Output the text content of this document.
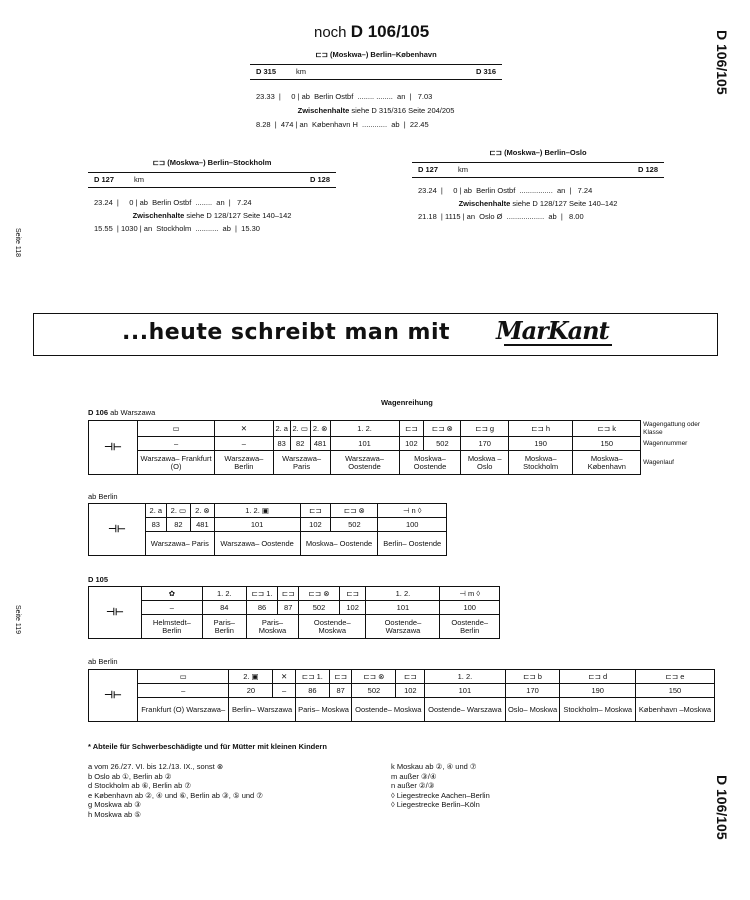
noch D 106/105	D 106/105
D 106/105
Seite 118
Seite 119
⊏⊐ (Moskwa–) Berlin–København
D 315	km	D 316
23.33  |     0 | ab  Berlin Ostbf  ........ ........  an  |   7.03
Zwischenhalte siehe D 315/316 Seite 204/205
8.28  |  474 | an  København H  ............  ab  |  22.45
⊏⊐ (Moskwa–) Berlin–Stockholm
D 127	km	D 128
23.24  |     0 | ab  Berlin Ostbf  ........  an  |   7.24
Zwischenhalte siehe D 128/127 Seite 140–142
15.55  | 1030 | an  Stockholm  ...........  ab  |  15.30
⊏⊐ (Moskwa–) Berlin–Oslo
D 127	km	D 128
23.24  |     0 | ab  Berlin Ostbf  ................  an  |   7.24
Zwischenhalte siehe D 128/127 Seite 140–142
21.18  | 1115 | an  Oslo Ø  ..................  ab  |   8.00
...heute schreibt man mit MarKant
Wagenreihung
D 106 ab Warszawa
⊣⊢	▭	✕	2. a	2. ▭	2. ⊗	1. 2.	⊏⊐	⊏⊐ ⊗	⊏⊐ g	⊏⊐ h	⊏⊐ k	Wagengattung oder Klasse
	–	–	83	82	481	101	102	502	170	190	150	Wagennummer
	Warszawa– Frankfurt (O)	Warszawa– Berlin	Warszawa– Paris			Warszawa– Oostende	Moskwa– Oostende		Moskwa –Oslo	Moskwa– Stockholm	Moskwa– København	Wagenlauf
ab Berlin
⊣⊢	2. a	2. ▭	2. ⊗	1. 2. ▣	⊏⊐	⊏⊐ ⊗	⊣ n ◊
	83	82	481	101	102	502	100
	Warszawa– Paris			Warszawa– Oostende	Moskwa– Oostende		Berlin– Oostende
D 105
⊣⊢	✿	1. 2.	⊏⊐ 1.	⊏⊐	⊏⊐ ⊗	⊏⊐	1. 2.	⊣ m ◊
	–	84	86	87	502	102	101	100
	Helmstedt– Berlin	Paris– Berlin	Paris– Moskwa		Oostende– Moskwa		Oostende– Warszawa	Oostende– Berlin
ab Berlin
⊣⊢	▭	2. ▣	✕	⊏⊐ 1.	⊏⊐	⊏⊐ ⊗	⊏⊐	1. 2.	⊏⊐ b	⊏⊐ d	⊏⊐ e
	–	20	–	86	87	502	102	101	170	190	150
	Frankfurt (O) Warszawa–	Berlin– Warszawa		Paris– Moskwa		Oostende– Moskwa		Oostende– Warszawa	Oslo– Moskwa	Stockholm– Moskwa	København –Moskwa
* Abteile für Schwerbeschädigte und für Mütter mit kleinen Kindern
a vom 26./27. VI. bis 12./13. IX., sonst ⊗
b Oslo ab ①, Berlin ab ②
d Stockholm ab ⑥, Berlin ab ⑦
e København ab ②, ④ und ⑥, Berlin ab ③, ⑤ und ⑦
g Moskwa ab ③
h Moskwa ab ⑤
k Moskau ab ②, ④ und ⑦
m außer ③/④
n außer ②/③
◊ Liegestrecke Aachen–Berlin
◊ Liegestrecke Berlin–Köln
